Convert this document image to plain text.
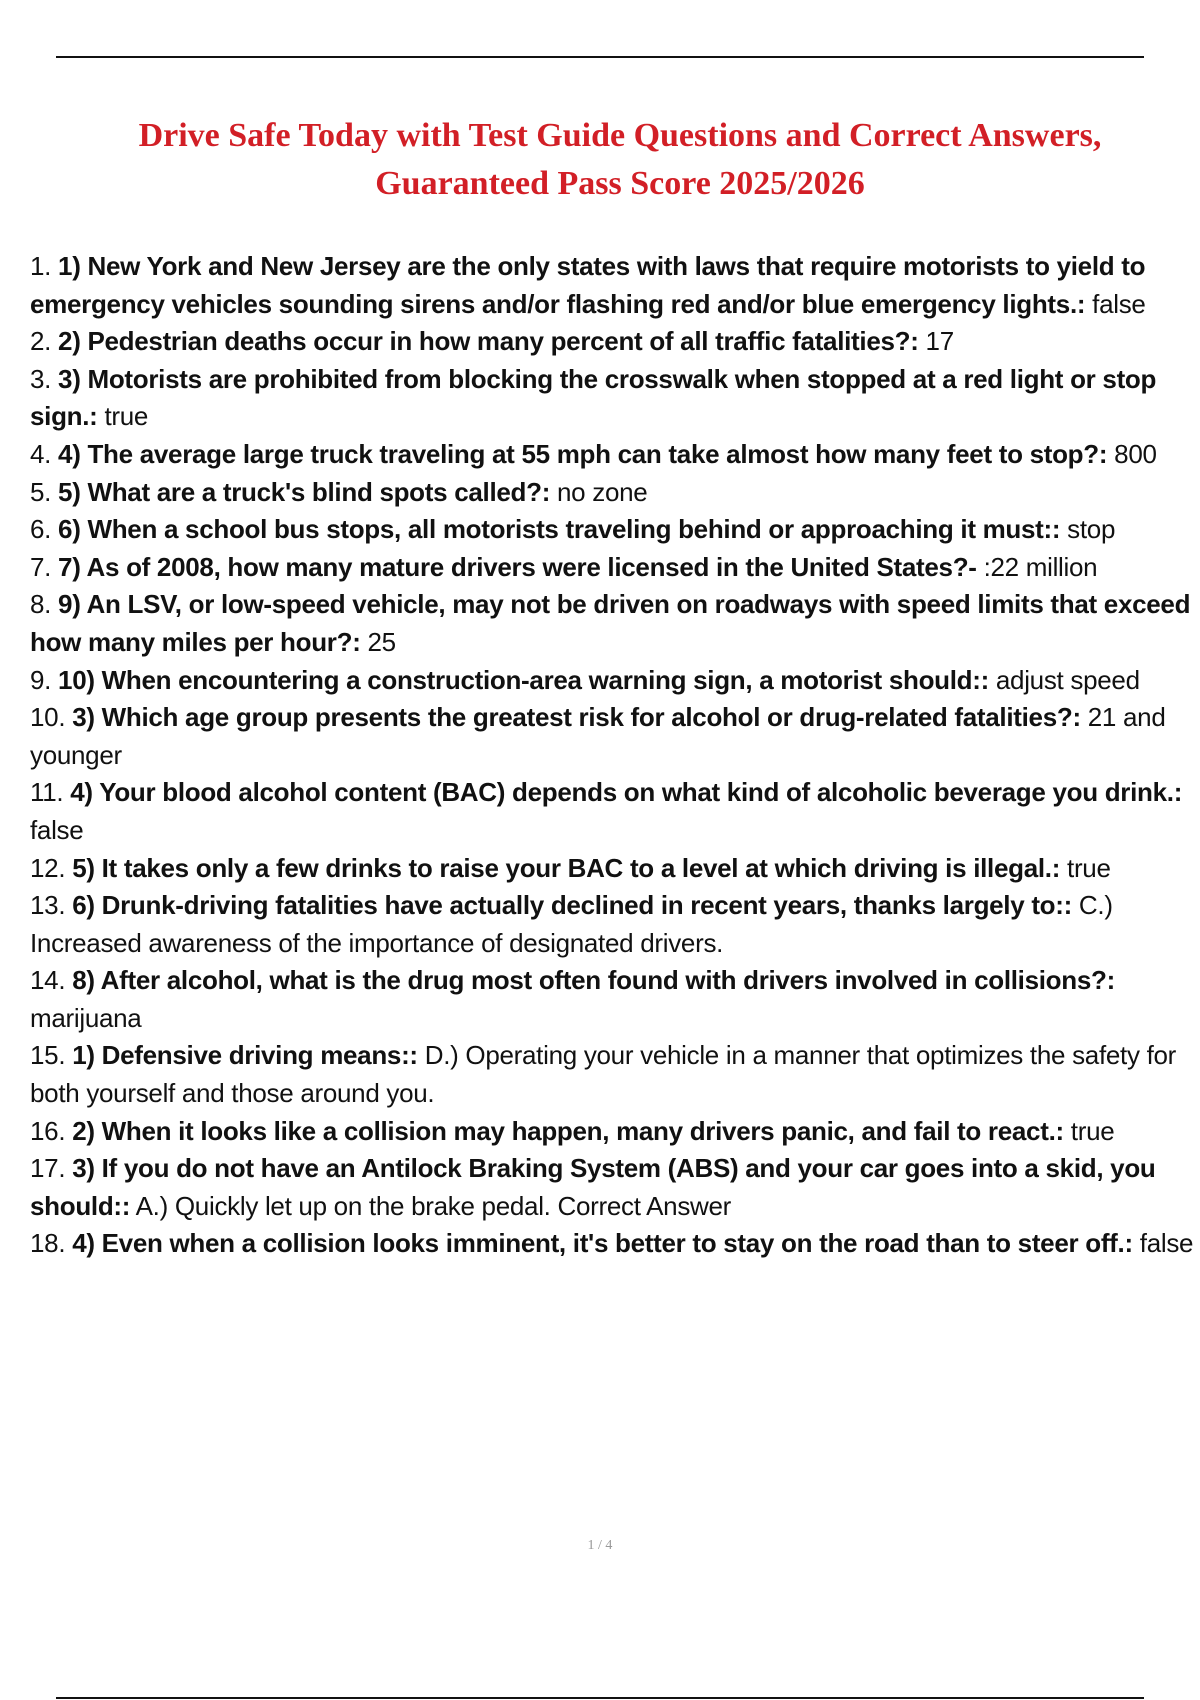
Drive Safe Today with Test Guide Questions and Correct Answers,
Guaranteed Pass Score 2025/2026
1. 1) New York and New Jersey are the only states with laws that require motorists to yield to emergency vehicles sounding sirens and/or flashing red and/or blue emergency lights.: false
2. 2) Pedestrian deaths occur in how many percent of all traffic fatalities?: 17
3. 3) Motorists are prohibited from blocking the crosswalk when stopped at a red light or stop sign.: true
4. 4) The average large truck traveling at 55 mph can take almost how many feet to stop?: 800
5. 5) What are a truck's blind spots called?: no zone
6. 6) When a school bus stops, all motorists traveling behind or approaching it must:: stop
7. 7) As of 2008, how many mature drivers were licensed in the United States?- :22 million
8. 9) An LSV, or low-speed vehicle, may not be driven on roadways with speed limits that exceed how many miles per hour?: 25
9. 10) When encountering a construction-area warning sign, a motorist should:: adjust speed
10. 3) Which age group presents the greatest risk for alcohol or drug-related fatalities?: 21 and younger
11. 4) Your blood alcohol content (BAC) depends on what kind of alcoholic beverage you drink.: false
12. 5) It takes only a few drinks to raise your BAC to a level at which driving is illegal.: true
13. 6) Drunk-driving fatalities have actually declined in recent years, thanks largely to:: C.) Increased awareness of the importance of designated drivers.
14. 8) After alcohol, what is the drug most often found with drivers involved in collisions?: marijuana
15. 1) Defensive driving means:: D.) Operating your vehicle in a manner that optimizes the safety for both yourself and those around you.
16. 2) When it looks like a collision may happen, many drivers panic, and fail to react.: true
17. 3) If you do not have an Antilock Braking System (ABS) and your car goes into a skid, you should:: A.) Quickly let up on the brake pedal. Correct Answer
18. 4) Even when a collision looks imminent, it's better to stay on the road than to steer off.: false
1 / 4
